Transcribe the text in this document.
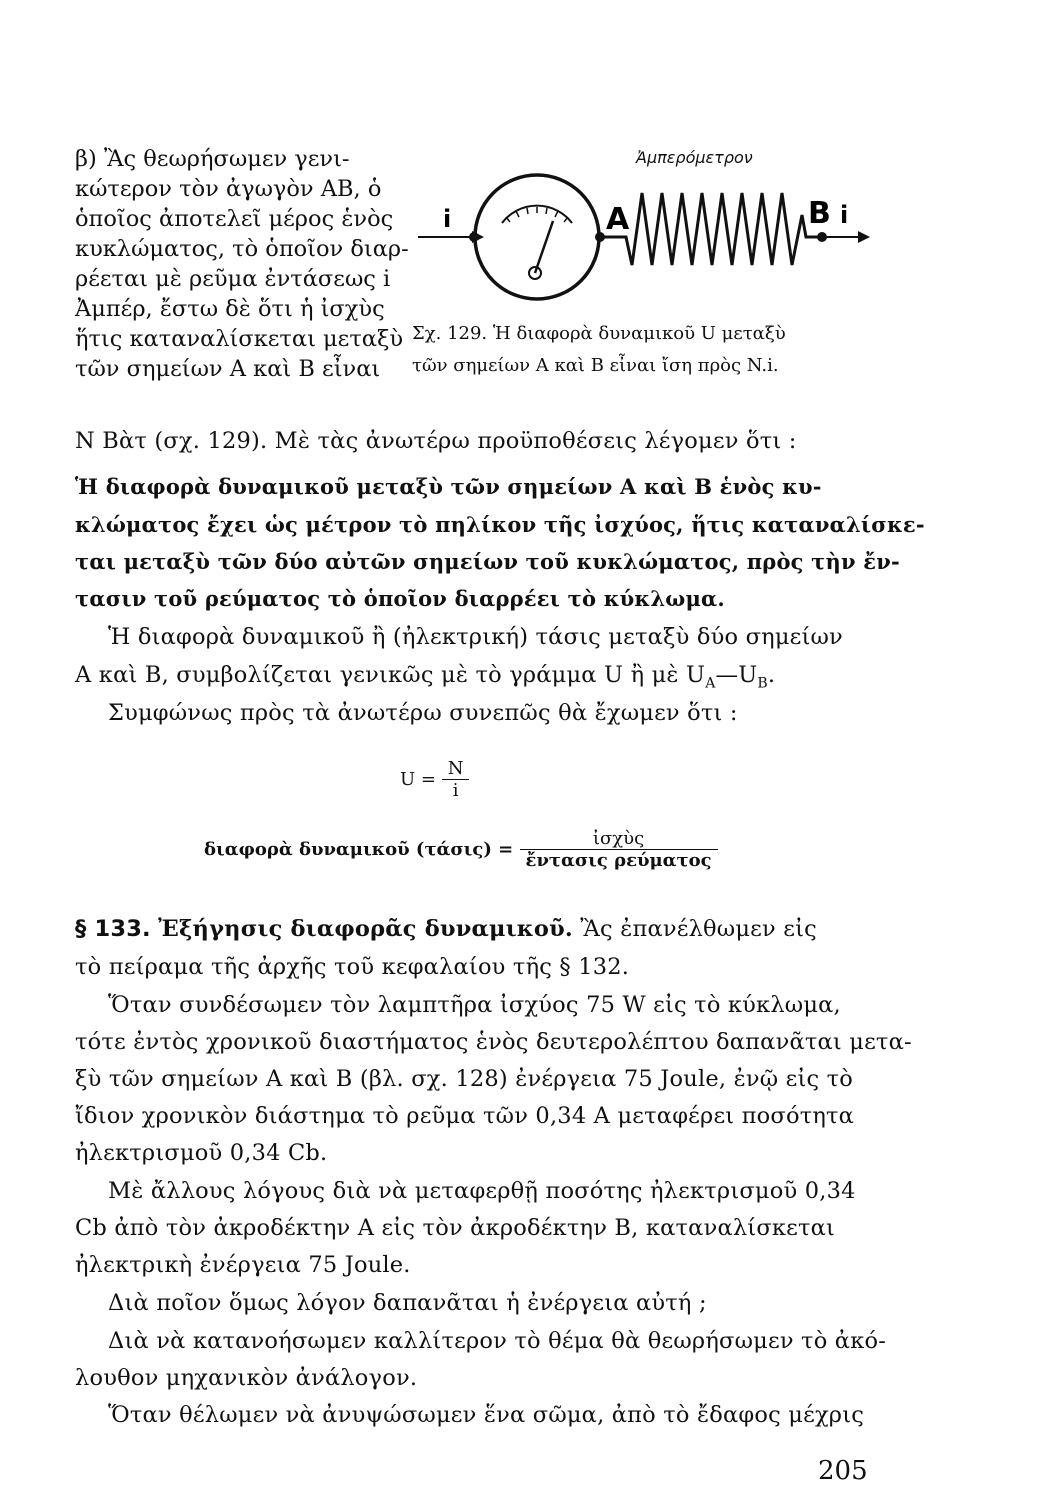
β) Ἂς θεωρήσωμεν γενι-
κώτερον τὸν ἀγωγὸν ΑΒ, ὁ
ὁποῖος ἀποτελεῖ μέρος ἑνὸς
κυκλώματος, τὸ ὁποῖον διαρ-
ρέεται μὲ ρεῦμα ἐντάσεως i
Ἀμπέρ, ἔστω δὲ ὅτι ἡ ἰσχὺς
ἥτις καταναλίσκεται μεταξὺ
τῶν σημείων Α καὶ Β εἶναι
N Βὰτ (σχ. 129). Μὲ τὰς ἀνωτέρω προϋποθέσεις λέγομεν ὅτι :
Ἀμπερόμετρον
i	A	B i
Σχ. 129. Ἡ διαφορὰ δυναμικοῦ U μεταξὺ
τῶν σημείων Α καὶ Β εἶναι ἴση πρὸς N.i.
Ἡ διαφορὰ δυναμικοῦ μεταξὺ τῶν σημείων Α καὶ Β ἑνὸς κυ-
κλώματος ἔχει ὡς μέτρον τὸ πηλίκον τῆς ἰσχύος, ἥτις καταναλίσκε-
ται μεταξὺ τῶν δύο αὐτῶν σημείων τοῦ κυκλώματος, πρὸς τὴν ἔν-
τασιν τοῦ ρεύματος τὸ ὁποῖον διαρρέει τὸ κύκλωμα.
Ἡ διαφορὰ δυναμικοῦ ἢ (ἠλεκτρική) τάσις μεταξὺ δύο σημείων
Α καὶ Β, συμβολίζεται γενικῶς μὲ τὸ γράμμα U ἢ μὲ $U_A—U_B$.
Συμφώνως πρὸς τὰ ἀνωτέρω συνεπῶς θὰ ἔχωμεν ὅτι :
$U = \frac{N}{i}$
διαφορὰ δυναμικοῦ $(\tau ά\sigma\iota\varsigma) = \frac{\text{ἰσχὺς}}{\text{ἔντασις ρεύματος}}$
§ 133. Ἐξήγησις διαφορᾶς δυναμικοῦ. Ἂς ἐπανέλθωμεν εἰς
τὸ πείραμα τῆς ἀρχῆς τοῦ κεφαλαίου τῆς § 132.
Ὅταν συνδέσωμεν τὸν λαμπτῆρα ἰσχύος 75 W εἰς τὸ κύκλωμα,
τότε ἐντὸς χρονικοῦ διαστήματος ἑνὸς δευτερολέπτου δαπανᾶται μετα-
ξὺ τῶν σημείων Α καὶ Β (βλ. σχ. 128) ἐνέργεια 75 Joule, ἐνῷ εἰς τὸ
ἴδιον χρονικὸν διάστημα τὸ ρεῦμα τῶν 0,34 Α μεταφέρει ποσότητα
ἠλεκτρισμοῦ 0,34 Cb.
Μὲ ἄλλους λόγους διὰ νὰ μεταφερθῇ ποσότης ἠλεκτρισμοῦ 0,34
Cb ἀπὸ τὸν ἀκροδέκτην Α εἰς τὸν ἀκροδέκτην Β, καταναλίσκεται
ἠλεκτρικὴ ἐνέργεια 75 Joule.
Διὰ ποῖον ὅμως λόγον δαπανᾶται ἡ ἐνέργεια αὐτή ;
Διὰ νὰ κατανοήσωμεν καλλίτερον τὸ θέμα θὰ θεωρήσωμεν τὸ ἀκό-
λουθον μηχανικὸν ἀνάλογον.
Ὅταν θέλωμεν νὰ ἀνυψώσωμεν ἕνα σῶμα, ἀπὸ τὸ ἔδαφος μέχρις
205
